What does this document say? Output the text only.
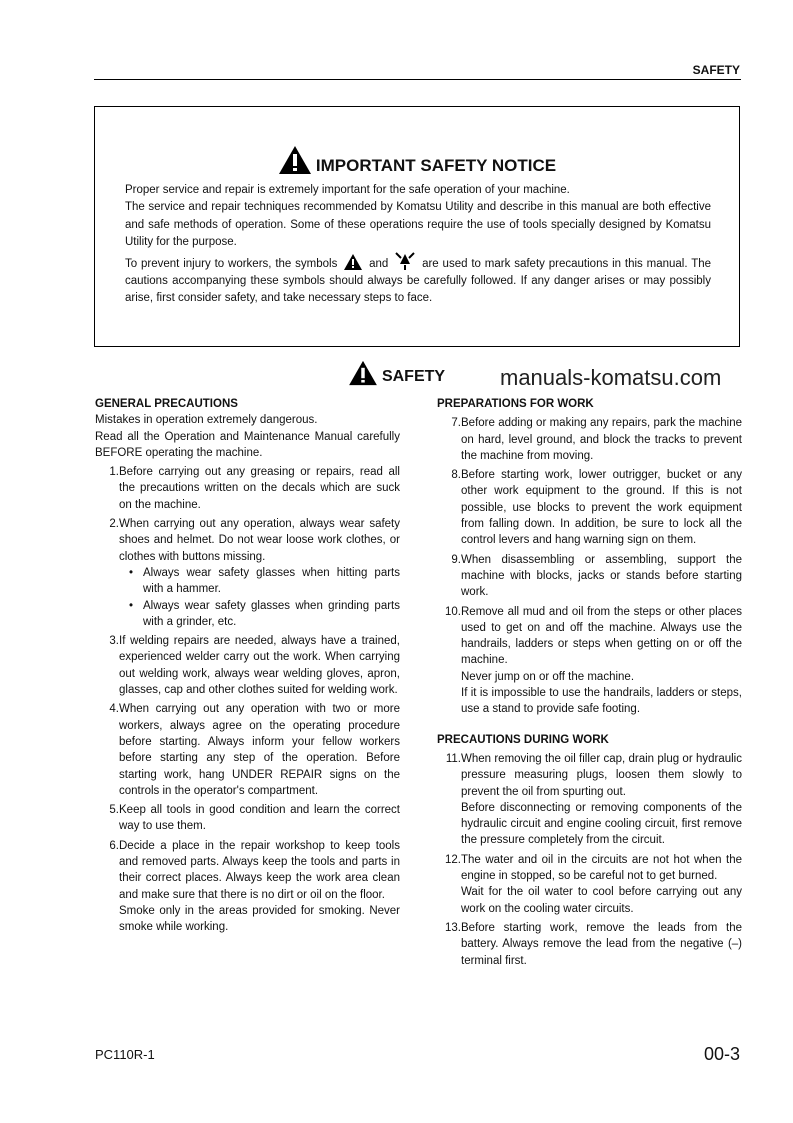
SAFETY
IMPORTANT SAFETY NOTICE

Proper service and repair is extremely important for the safe operation of your machine.

The service and repair techniques recommended by Komatsu Utility and describe in this manual are both effective and safe methods of operation. Some of these operations require the use of tools specially designed by Komatsu Utility for the purpose.

To prevent injury to workers, the symbols	and	are used to mark safety precautions in this manual. The cautions accompanying these symbols should always be carefully followed. If any danger arises or may possibly arise, first consider safety, and take necessary steps to face.

SAFETY	manuals-komatsu.com

GENERAL PRECAUTIONS

Mistakes in operation extremely dangerous.

Read all the Operation and Maintenance Manual carefully BEFORE operating the machine.

1. Before carrying out any greasing or repairs, read all the precautions written on the decals which are suck on the machine.
2. When carrying out any operation, always wear safety shoes and helmet. Do not wear loose work clothes, or clothes with buttons missing.
• Always wear safety glasses when hitting parts with a hammer.
• Always wear safety glasses when grinding parts with a grinder, etc.
3. If welding repairs are needed, always have a trained, experienced welder carry out the work. When carrying out welding work, always wear welding gloves, apron, glasses, cap and other clothes suited for welding work.
4. When carrying out any operation with two or more workers, always agree on the operating procedure before starting. Always inform your fellow workers before starting any step of the operation. Before starting work, hang UNDER REPAIR signs on the controls in the operator's compartment.
5. Keep all tools in good condition and learn the correct way to use them.
6. Decide a place in the repair workshop to keep tools and removed parts. Always keep the tools and parts in their correct places. Always keep the work area clean and make sure that there is no dirt or oil on the floor.
Smoke only in the areas provided for smoking. Never smoke while working.

PREPARATIONS FOR WORK

7. Before adding or making any repairs, park the machine on hard, level ground, and block the tracks to prevent the machine from moving.
8. Before starting work, lower outrigger, bucket or any other work equipment to the ground. If this is not possible, use blocks to prevent the work equipment from falling down. In addition, be sure to lock all the control levers and hang warning sign on them.
9. When disassembling or assembling, support the machine with blocks, jacks or stands before starting work.
10. Remove all mud and oil from the steps or other places used to get on and off the machine. Always use the handrails, ladders or steps when getting on or off the machine.
Never jump on or off the machine.
If it is impossible to use the handrails, ladders or steps, use a stand to provide safe footing.

PRECAUTIONS DURING WORK

11. When removing the oil filler cap, drain plug or hydraulic pressure measuring plugs, loosen them slowly to prevent the oil from spurting out.
Before disconnecting or removing components of the hydraulic circuit and engine cooling circuit, first remove the pressure completely from the circuit.
12. The water and oil in the circuits are not hot when the engine in stopped, so be careful not to get burned.
Wait for the oil water to cool before carrying out any work on the cooling water circuits.
13. Before starting work, remove the leads from the battery. Always remove the lead from the negative (–) terminal first.
PC110R-1	00-3
